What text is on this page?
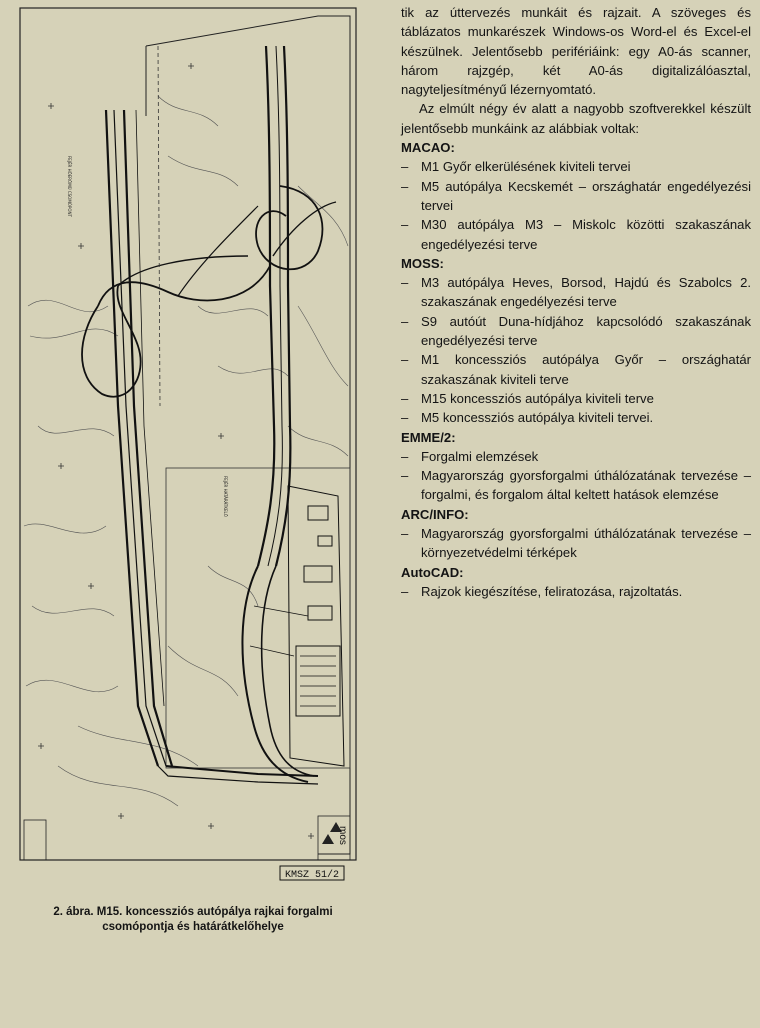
FEJÉR HŐERŐMŰ CSOMÓPONT
FEJÉR HATÁRÁTKELŐ
mos
KMSZ 51/2
2. ábra. M15. koncessziós autópálya rajkai forgalmi
csomópontja és határátkelőhelye

tik az úttervezés munkáit és rajzait. A szöveges és táblázatos munkarészek Windows-os Word-el és Excel-el készülnek. Jelentősebb perifériáink: egy A0-ás scanner, három rajzgép, két A0-ás digitalizálóasztal, nagyteljesítményű lézernyomtató.

Az elmúlt négy év alatt a nagyobb szoftverekkel készült jelentősebb munkáink az alábbiak voltak:

MACAO:

– M1 Győr elkerülésének kiviteli tervei

– M5 autópálya Kecskemét – országhatár engedélyezési tervei

– M30 autópálya M3 – Miskolc közötti szakaszának engedélyezési terve

MOSS:

– M3 autópálya Heves, Borsod, Hajdú és Szabolcs 2. szakaszának engedélyezési terve

– S9 autóút Duna-hídjához kapcsolódó szakaszának engedélyezési terve

– M1 koncessziós autópálya Győr – országhatár szakaszának kiviteli terve

– M15 koncessziós autópálya kiviteli terve

– M5 koncessziós autópálya kiviteli tervei.

EMME/2:

– Forgalmi elemzések

– Magyarország gyorsforgalmi úthálózatának tervezése – forgalmi, és forgalom által keltett hatások elemzése

ARC/INFO:

– Magyarország gyorsforgalmi úthálózatának tervezése – környezetvédelmi térképek

AutoCAD:

– Rajzok kiegészítése, feliratozása, rajzoltatás.
